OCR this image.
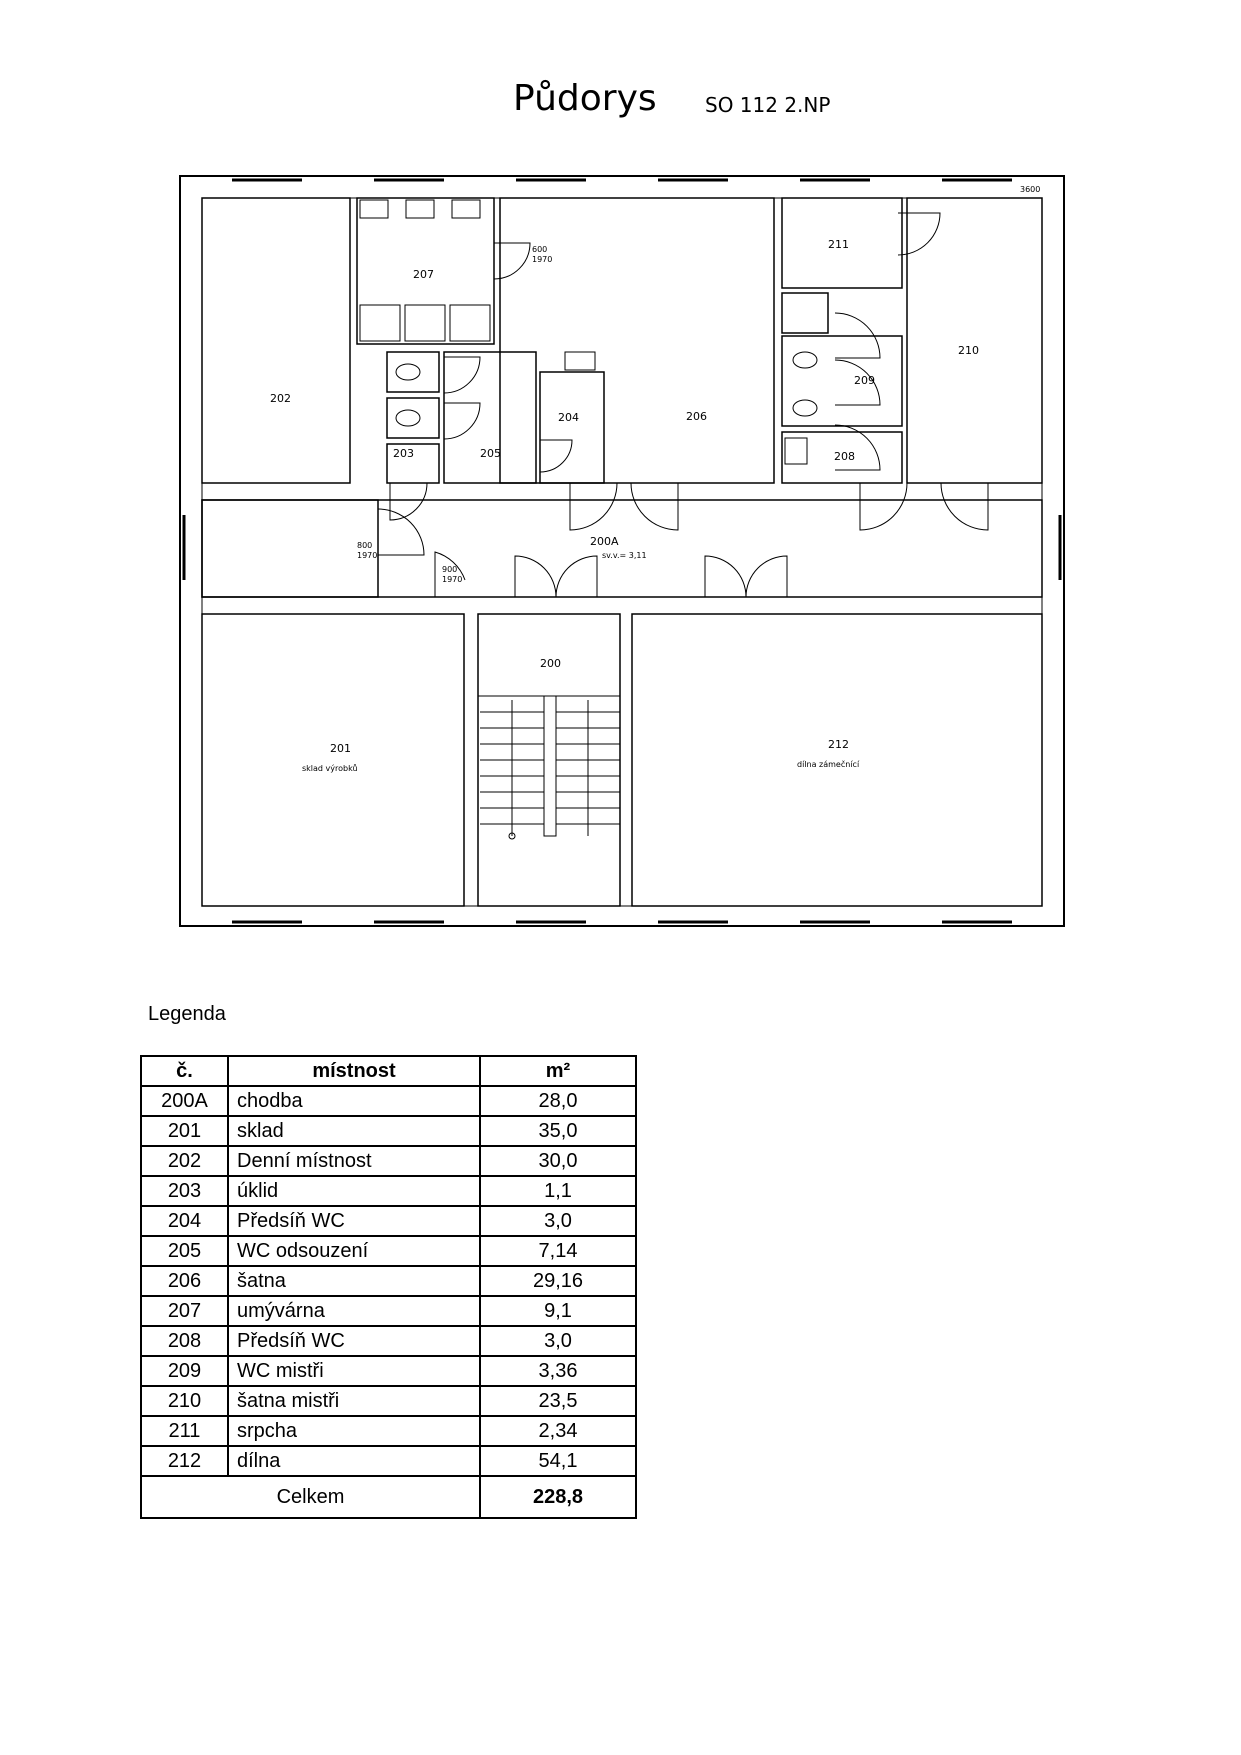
Půdorys SO 112 2.NP
3600
202
207
206
211
210
205
204
203
209
208
200A
sv.v.= 3,11
200
201
sklad výrobků
212
dílna zámečnící
600
1970
800
1970
900
1970
Legenda
č.	místnost	m²
200A	chodba	28,0
201	sklad	35,0
202	Denní místnost	30,0
203	úklid	1,1
204	Předsíň WC	3,0
205	WC odsouzení	7,14
206	šatna	29,16
207	umývárna	9,1
208	Předsíň WC	3,0
209	WC mistři	3,36
210	šatna mistři	23,5
211	srpcha	2,34
212	dílna	54,1
Celkem		228,8
